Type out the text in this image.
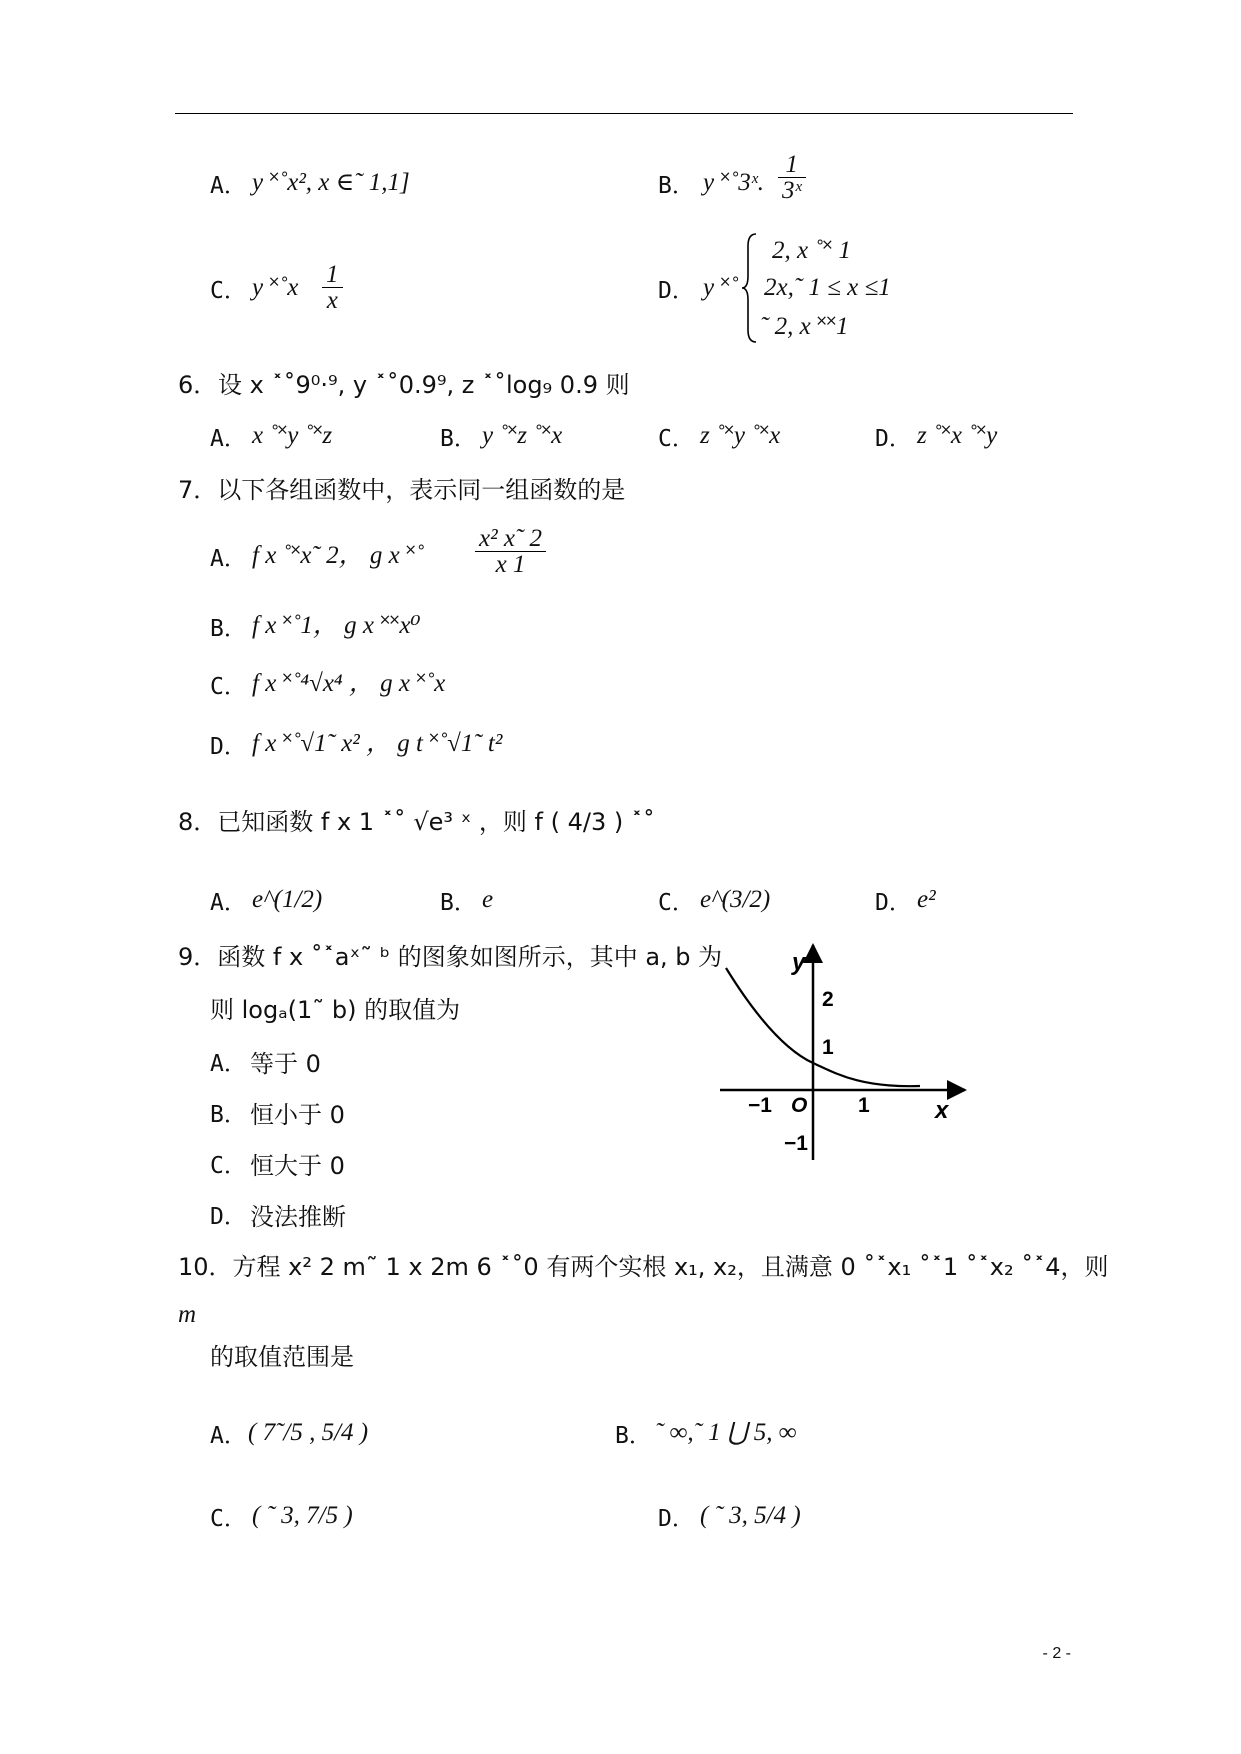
A． y ˟˚x², x ∈˜ 1,1]	B． y ˟˚3ˣ. $\frac{1}{\text{3ˣ}}$
C． y ˟˚x $\frac{1}{x}$	D． y ˟˚
2, x ˚˟ 1
2x,˜ 1 ≤ x ≤1
˜ 2, x ˟˟1
6． 设 x ˟˚9⁰·⁹, y ˟˚0.9⁹, z ˟˚log₉ 0.9 则
A． x ˚˟y ˚˟z	B． y ˚˟z ˚˟x	C． z ˚˟y ˚˟x	D． z ˚˟x ˚˟y
7．以下各组函数中，表示同一组函数的是
A． f x ˚˟x˜ 2， g x ˟˚ $\frac{\text{x² x˜ 2}}{x 1}$
B． f x ˟˚1， g x ˟˟x⁰
C． f x ˟˚⁴√x⁴ ， g x ˟˚x
D． f x ˟˚√1˜ x² ， g t ˟˚√1˜ t²
8．已知函数 f x 1 ˟˚ √e³ ˣ ，则 f ( 4/3 ) ˟˚
A． e^(1/2)	B． e	C． e^(3/2)	D． e²
9．函数 f x ˚˟aˣ˜ ᵇ 的图象如图所示，其中 a, b 为
则 logₐ(1˜ b) 的取值为
A． 等于 0
B． 恒小于 0
C． 恒大于 0
D． 没法推断
y
x
O
−1	1
2
1
−1
10．方程 x² 2 m˜ 1 x 2m 6 ˟˚0 有两个实根 x₁, x₂，且满意 0 ˚˟x₁ ˚˟1 ˚˟x₂ ˚˟4，则
m
的取值范围是
A． ( 7˜/5 , 5/4 )	B． ˜ ∞,˜ 1 ⋃ 5, ∞
C． ( ˜ 3, 7/5 )	D． ( ˜ 3, 5/4 )
- 2 -
